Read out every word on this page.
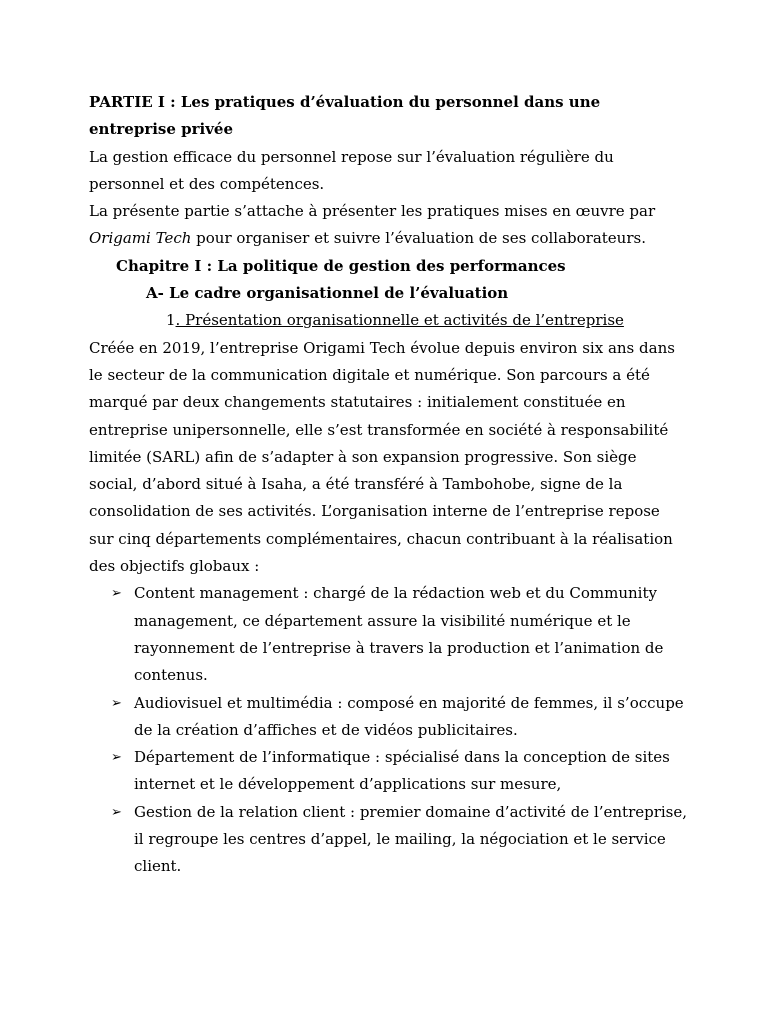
PARTIE I : Les pratiques d’évaluation du personnel dans une entreprise privée

La gestion efficace du personnel repose sur l’évaluation régulière du personnel et des compétences.

La présente partie s’attache à présenter les pratiques mises en œuvre par Origami Tech pour organiser et suivre l’évaluation de ses collaborateurs.

Chapitre I : La politique de gestion des performances

A- Le cadre organisationnel de l’évaluation

1. Présentation organisationnelle et activités de l’entreprise

Créée en 2019, l’entreprise Origami Tech évolue depuis environ six ans dans le secteur de la communication digitale et numérique. Son parcours a été marqué par deux changements statutaires : initialement constituée en entreprise unipersonnelle, elle s’est transformée en société à responsabilité limitée (SARL) afin de s’adapter à son expansion progressive. Son siège social, d’abord situé à Isaha, a été transféré à Tambohobe, signe de la consolidation de ses activités. L’organisation interne de l’entreprise repose sur cinq départements complémentaires, chacun contribuant à la réalisation des objectifs globaux :

➢ Content management : chargé de la rédaction web et du Community management, ce département assure la visibilité numérique et le rayonnement de l’entreprise à travers la production et l’animation de contenus.
➢ Audiovisuel et multimédia : composé en majorité de femmes, il s’occupe de la création d’affiches et de vidéos publicitaires.
➢ Département de l’informatique : spécialisé dans la conception de sites internet et le développement d’applications sur mesure,
➢ Gestion de la relation client : premier domaine d’activité de l’entreprise, il regroupe les centres d’appel, le mailing, la négociation et le service client.
